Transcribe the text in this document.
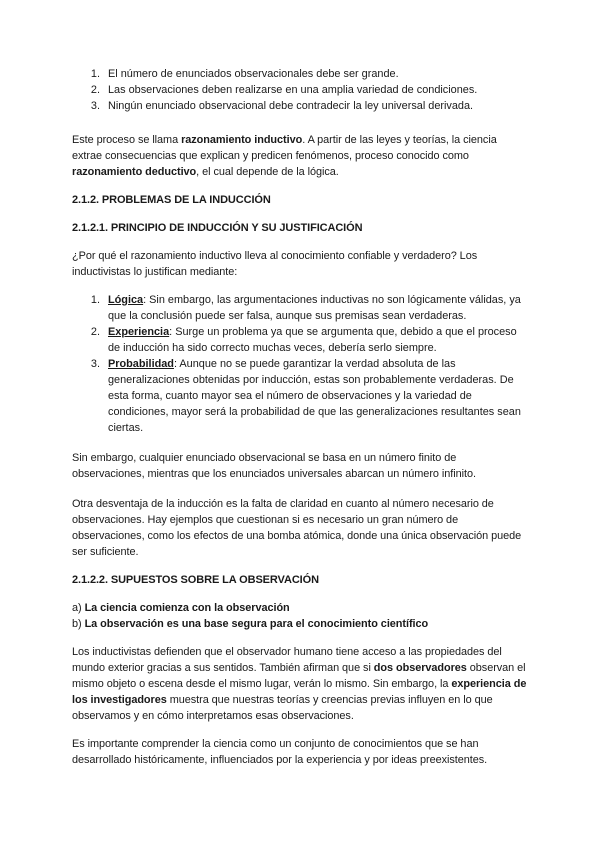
1. El número de enunciados observacionales debe ser grande.
2. Las observaciones deben realizarse en una amplia variedad de condiciones.
3. Ningún enunciado observacional debe contradecir la ley universal derivada.

Este proceso se llama razonamiento inductivo. A partir de las leyes y teorías, la ciencia extrae consecuencias que explican y predicen fenómenos, proceso conocido como razonamiento deductivo, el cual depende de la lógica.

2.1.2. PROBLEMAS DE LA INDUCCIÓN
2.1.2.1. PRINCIPIO DE INDUCCIÓN Y SU JUSTIFICACIÓN

¿Por qué el razonamiento inductivo lleva al conocimiento confiable y verdadero? Los inductivistas lo justifican mediante:

1. Lógica: Sin embargo, las argumentaciones inductivas no son lógicamente válidas, ya que la conclusión puede ser falsa, aunque sus premisas sean verdaderas.
2. Experiencia: Surge un problema ya que se argumenta que, debido a que el proceso de inducción ha sido correcto muchas veces, debería serlo siempre.
3. Probabilidad: Aunque no se puede garantizar la verdad absoluta de las generalizaciones obtenidas por inducción, estas son probablemente verdaderas. De esta forma, cuanto mayor sea el número de observaciones y la variedad de condiciones, mayor será la probabilidad de que las generalizaciones resultantes sean ciertas.

Sin embargo, cualquier enunciado observacional se basa en un número finito de observaciones, mientras que los enunciados universales abarcan un número infinito.

Otra desventaja de la inducción es la falta de claridad en cuanto al número necesario de observaciones. Hay ejemplos que cuestionan si es necesario un gran número de observaciones, como los efectos de una bomba atómica, donde una única observación puede ser suficiente.

2.1.2.2. SUPUESTOS SOBRE LA OBSERVACIÓN

a) La ciencia comienza con la observación

b) La observación es una base segura para el conocimiento científico

Los inductivistas defienden que el observador humano tiene acceso a las propiedades del mundo exterior gracias a sus sentidos. También afirman que si dos observadores observan el mismo objeto o escena desde el mismo lugar, verán lo mismo. Sin embargo, la experiencia de los investigadores muestra que nuestras teorías y creencias previas influyen en lo que observamos y en cómo interpretamos esas observaciones.

Es importante comprender la ciencia como un conjunto de conocimientos que se han desarrollado históricamente, influenciados por la experiencia y por ideas preexistentes.
